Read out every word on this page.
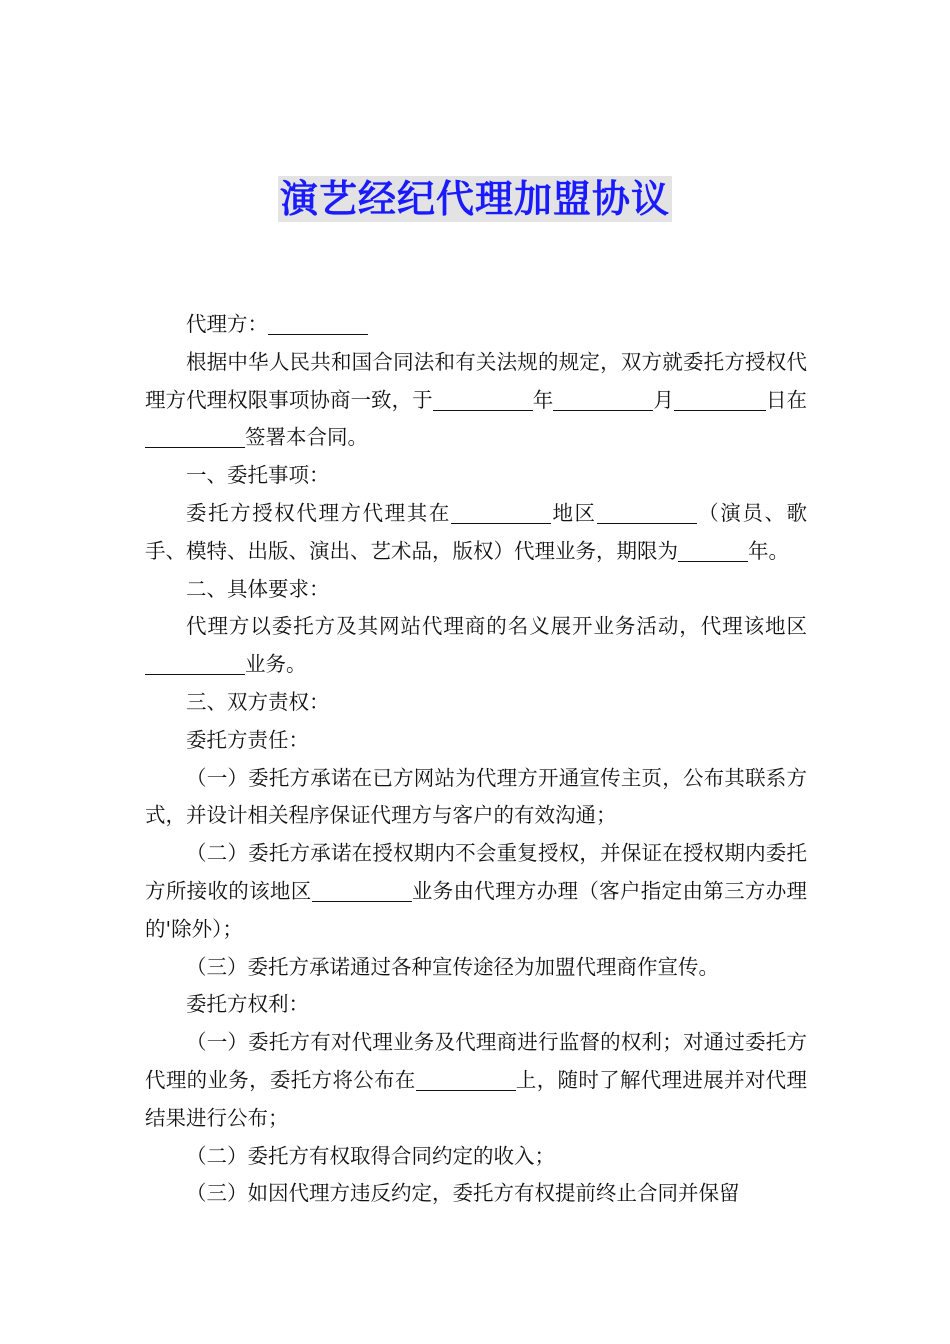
演艺经纪代理加盟协议

代理方：

根据中华人民共和国合同法和有关法规的规定，双方就委托方授权代理方代理权限事项协商一致，于	年	月	日在签署本合同。

一、委托事项：

委托方授权代理方代理其在	地区	（演员、歌手、模特、出版、演出、艺术品，版权）代理业务，期限为	年。

二、具体要求：

代理方以委托方及其网站代理商的名义展开业务活动，代理该地区业务。

三、双方责权：

委托方责任：

（一）委托方承诺在已方网站为代理方开通宣传主页，公布其联系方式，并设计相关程序保证代理方与客户的有效沟通；

（二）委托方承诺在授权期内不会重复授权，并保证在授权期内委托方所接收的该地区	业务由代理方办理（客户指定由第三方办理的'除外）；

（三）委托方承诺通过各种宣传途径为加盟代理商作宣传。

委托方权利：

（一）委托方有对代理业务及代理商进行监督的权利；对通过委托方代理的业务，委托方将公布在	上，随时了解代理进展并对代理结果进行公布；

（二）委托方有权取得合同约定的收入；

（三）如因代理方违反约定，委托方有权提前终止合同并保留
